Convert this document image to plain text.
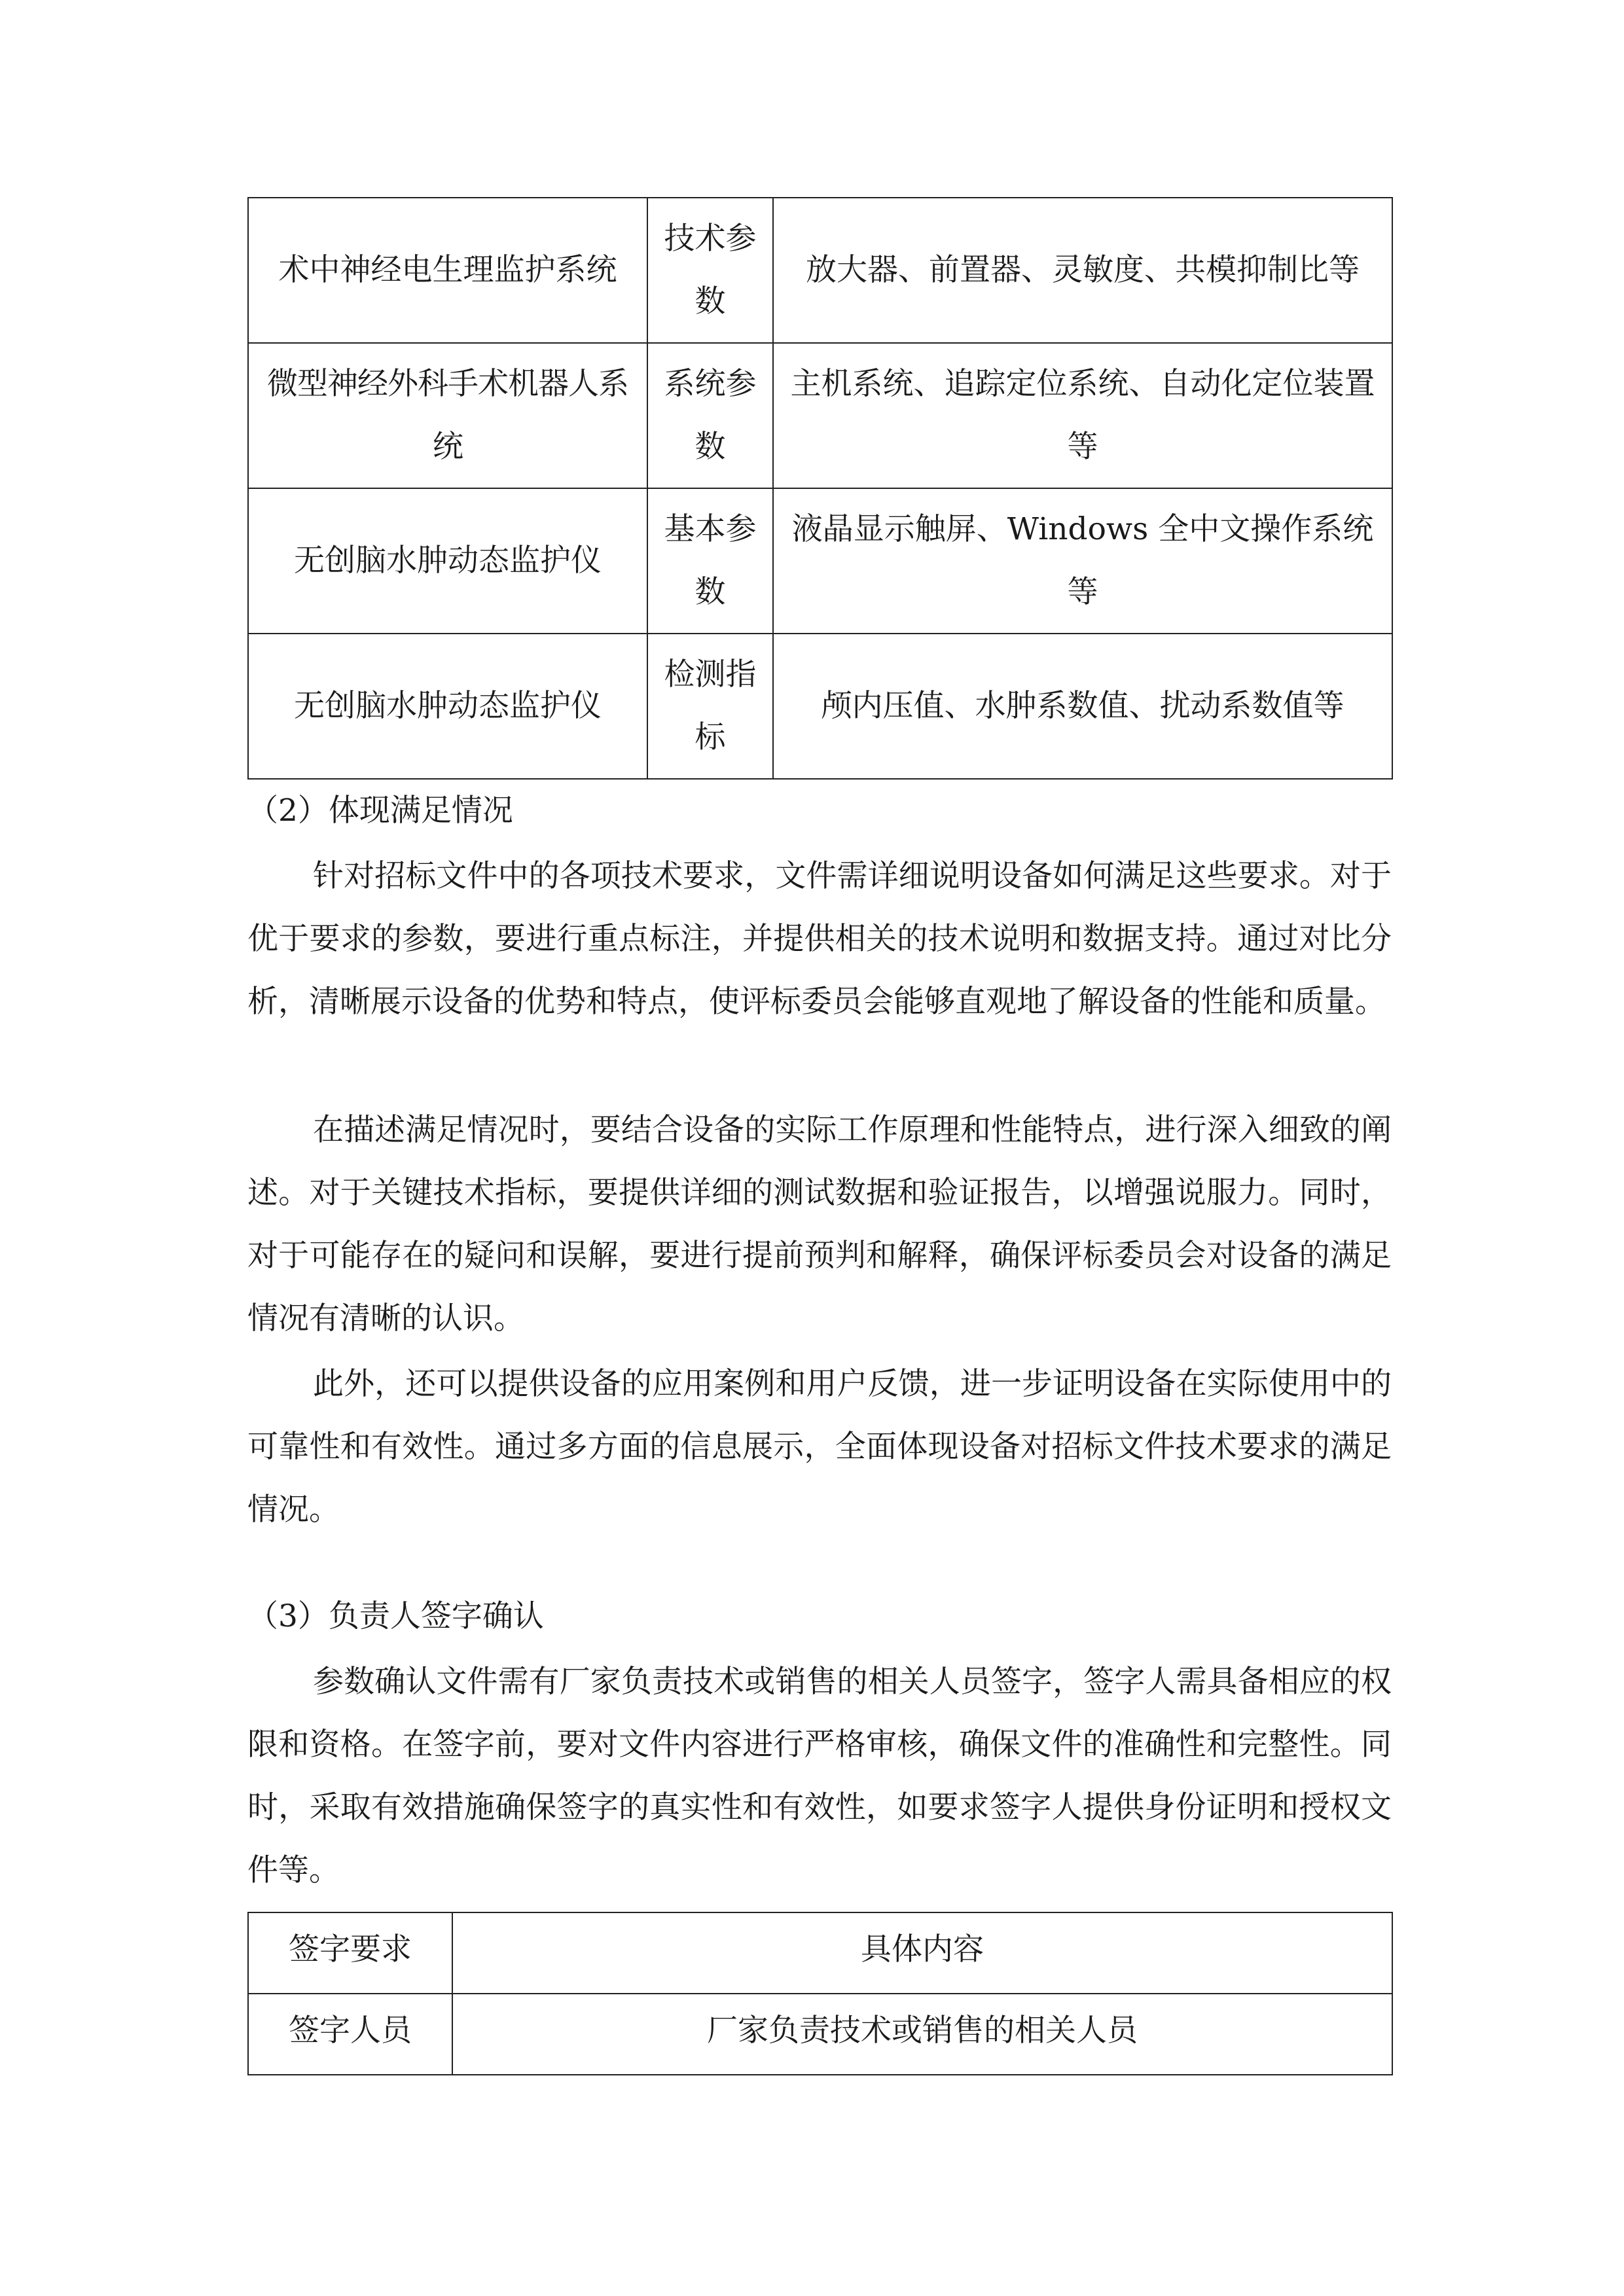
术中神经电生理监护系统	技术参数	放大器、前置器、灵敏度、共模抑制比等
微型神经外科手术机器人系统	系统参数	主机系统、追踪定位系统、自动化定位装置等
无创脑水肿动态监护仪	基本参数	液晶显示触屏、Windows 全中文操作系统等
无创脑水肿动态监护仪	检测指标	颅内压值、水肿系数值、扰动系数值等
（2）体现满足情况

针对招标文件中的各项技术要求，文件需详细说明设备如何满足这些要求。对于优于要求的参数，要进行重点标注，并提供相关的技术说明和数据支持。通过对比分析，清晰展示设备的优势和特点，使评标委员会能够直观地了解设备的性能和质量。

在描述满足情况时，要结合设备的实际工作原理和性能特点，进行深入细致的阐述。对于关键技术指标，要提供详细的测试数据和验证报告，以增强说服力。同时，对于可能存在的疑问和误解，要进行提前预判和解释，确保评标委员会对设备的满足情况有清晰的认识。

此外，还可以提供设备的应用案例和用户反馈，进一步证明设备在实际使用中的可靠性和有效性。通过多方面的信息展示，全面体现设备对招标文件技术要求的满足情况。

（3）负责人签字确认

参数确认文件需有厂家负责技术或销售的相关人员签字，签字人需具备相应的权限和资格。在签字前，要对文件内容进行严格审核，确保文件的准确性和完整性。同时，采取有效措施确保签字的真实性和有效性，如要求签字人提供身份证明和授权文件等。

签字要求	具体内容
签字人员	厂家负责技术或销售的相关人员
